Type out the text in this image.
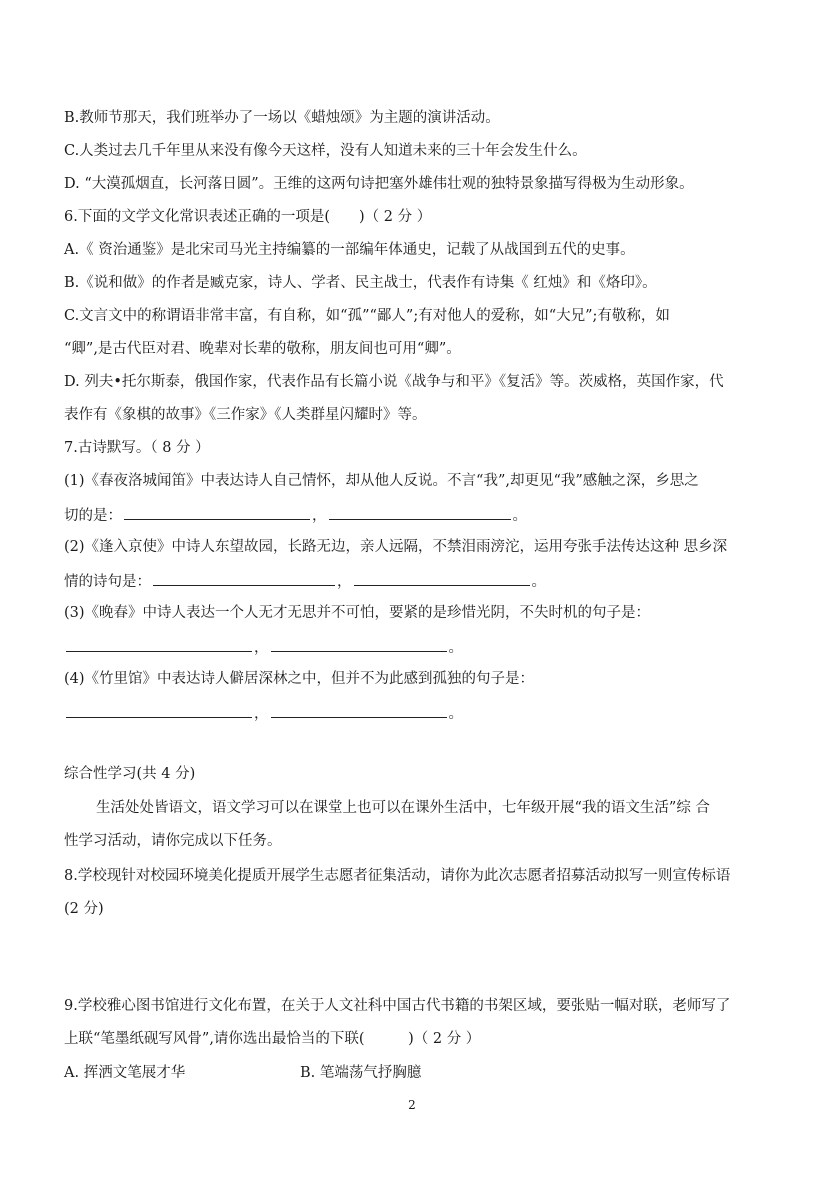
B.教师节那天，我们班举办了一场以《蜡烛颂》为主题的演讲活动。
C.人类过去几千年里从来没有像今天这样，没有人知道未来的三十年会发生什么。
D. “大漠孤烟直，长河落日圆”。王维的这两句诗把塞外雄伟壮观的独特景象描写得极为生动形象。
6.下面的文学文化常识表述正确的一项是(　　)（ 2 分 ）
A.《 资治通鉴》是北宋司马光主持编纂的一部编年体通史，记载了从战国到五代的史事。
B.《说和做》的作者是臧克家，诗人、学者、民主战士，代表作有诗集《 红烛》和《烙印》。
C.文言文中的称谓语非常丰富，有自称，如“孤”“鄙人”;有对他人的爱称，如“大兄”;有敬称，如
“卿”,是古代臣对君、晚辈对长辈的敬称，朋友间也可用“卿”。
D. 列夫•托尔斯泰，俄国作家，代表作品有长篇小说《战争与和平》《复活》等。茨威格，英国作家，代
表作有《象棋的故事》《三作家》《人类群星闪耀时》等。
7.古诗默写。（ 8 分 ）
(1)《春夜洛城闻笛》中表达诗人自己情怀，却从他人反说。不言“我”,却更见“我”感触之深，乡思之
切的是：	，	。
(2)《逢入京使》中诗人东望故园，长路无边，亲人远隔，不禁泪雨滂沱，运用夸张手法传达这种 思乡深
情的诗句是：	，	。
(3)《晚春》中诗人表达一个人无才无思并不可怕，要紧的是珍惜光阴，不失时机的句子是：
，	。
(4)《竹里馆》中表达诗人僻居深林之中，但并不为此感到孤独的句子是：
，	。
综合性学习(共 4 分)
生活处处皆语文，语文学习可以在课堂上也可以在课外生活中，七年级开展“我的语文生活”综 合
性学习活动，请你完成以下任务。
8.学校现针对校园环境美化提质开展学生志愿者征集活动，请你为此次志愿者招募活动拟写一则宣传标语
(2 分)
9.学校雅心图书馆进行文化布置，在关于人文社科中国古代书籍的书架区域，要张贴一幅对联，老师写了
上联“笔墨纸砚写风骨”,请你选出最恰当的下联(　　　)（ 2 分 ）
A. 挥洒文笔展才华	B. 笔端荡气抒胸臆
2
